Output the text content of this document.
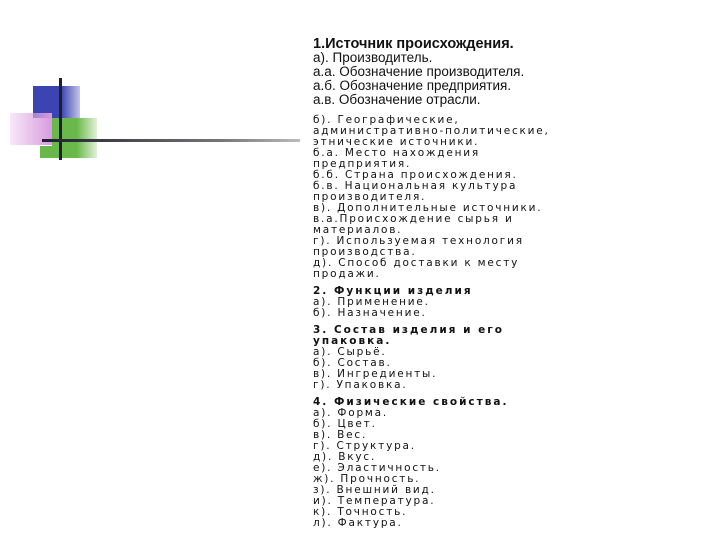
1.Источник происхождения.
а). Производитель.
а.а. Обозначение производителя.
а.б. Обозначение предприятия.
а.в. Обозначение отрасли.
б). Географические,
административно-политические,
этнические источники.
б.а. Место нахождения
предприятия.
б.б. Страна происхождения.
б.в. Национальная культура
производителя.
в). Дополнительные источники.
в.а.Происхождение сырья и
материалов.
г). Используемая технология
производства.
д). Способ доставки к месту
продажи.
2. Функции изделия
а). Применение.
б). Назначение.
3. Состав изделия и его
упаковка.
а). Сырьё.
б). Состав.
в). Ингредиенты.
г). Упаковка.
4. Физические свойства.
а). Форма.
б). Цвет.
в). Вес.
г). Структура.
д). Вкус.
е). Эластичность.
ж). Прочность.
з). Внешний вид.
и). Температура.
к). Точность.
л). Фактура.
